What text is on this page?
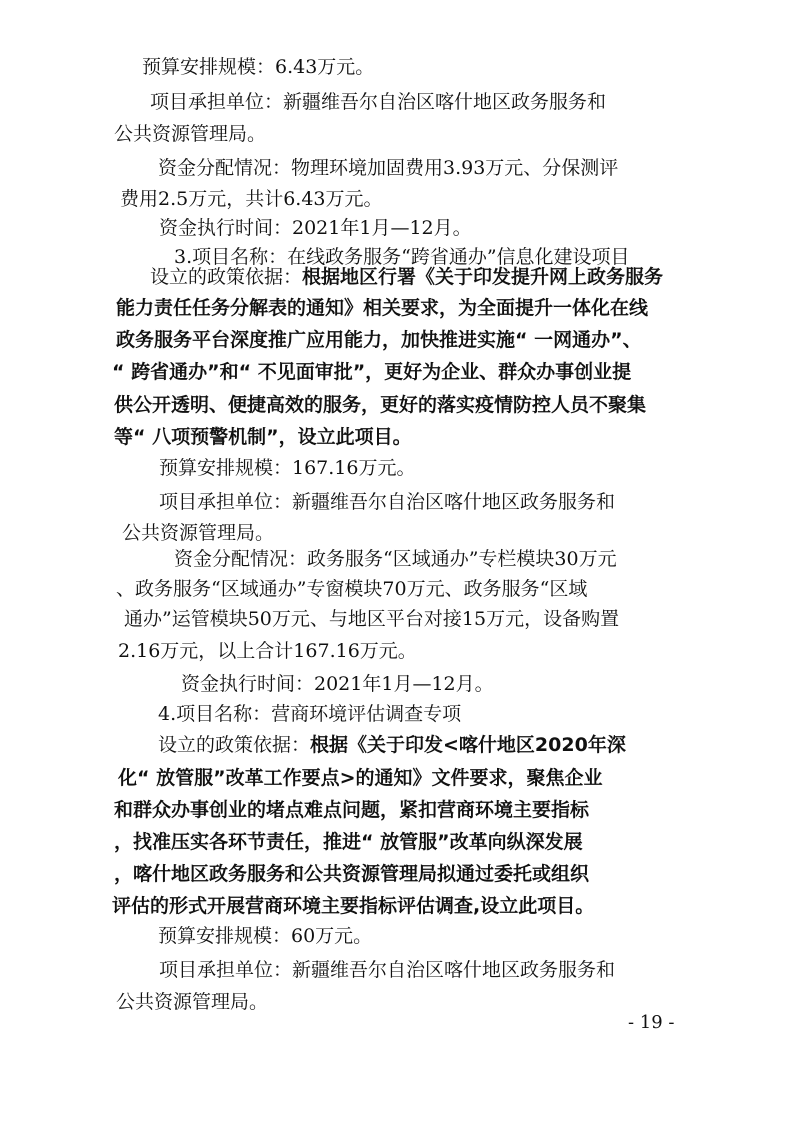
预算安排规模：6.43万元。
项目承担单位：新疆维吾尔自治区喀什地区政务服务和
公共资源管理局。
资金分配情况：物理环境加固费用3.93万元、分保测评
费用2.5万元，共计6.43万元。
资金执行时间：2021年1月—12月。
3.项目名称：在线政务服务“跨省通办”信息化建设项目
设立的政策依据：根据地区行署《关于印发提升网上政务服务
能力责任任务分解表的通知》相关要求，为全面提升一体化在线
政务服务平台深度推广应用能力，加快推进实施“ 一网通办”、
“ 跨省通办”和“ 不见面审批”，更好为企业、群众办事创业提
供公开透明、便捷高效的服务，更好的落实疫情防控人员不聚集
等“ 八项预警机制”，设立此项目。
预算安排规模：167.16万元。
项目承担单位：新疆维吾尔自治区喀什地区政务服务和
公共资源管理局。
资金分配情况：政务服务“区域通办”专栏模块30万元
、政务服务“区域通办”专窗模块70万元、政务服务“区域
通办”运管模块50万元、与地区平台对接15万元，设备购置
2.16万元，以上合计167.16万元。
资金执行时间：2021年1月—12月。
4.项目名称：营商环境评估调查专项
设立的政策依据：根据《关于印发<喀什地区2020年深
化“ 放管服”改革工作要点>的通知》文件要求，聚焦企业
和群众办事创业的堵点难点问题，紧扣营商环境主要指标
，找准压实各环节责任，推进“ 放管服”改革向纵深发展
，喀什地区政务服务和公共资源管理局拟通过委托或组织
评估的形式开展营商环境主要指标评估调查,设立此项目。
预算安排规模：60万元。
项目承担单位：新疆维吾尔自治区喀什地区政务服务和
公共资源管理局。
- 19 -
